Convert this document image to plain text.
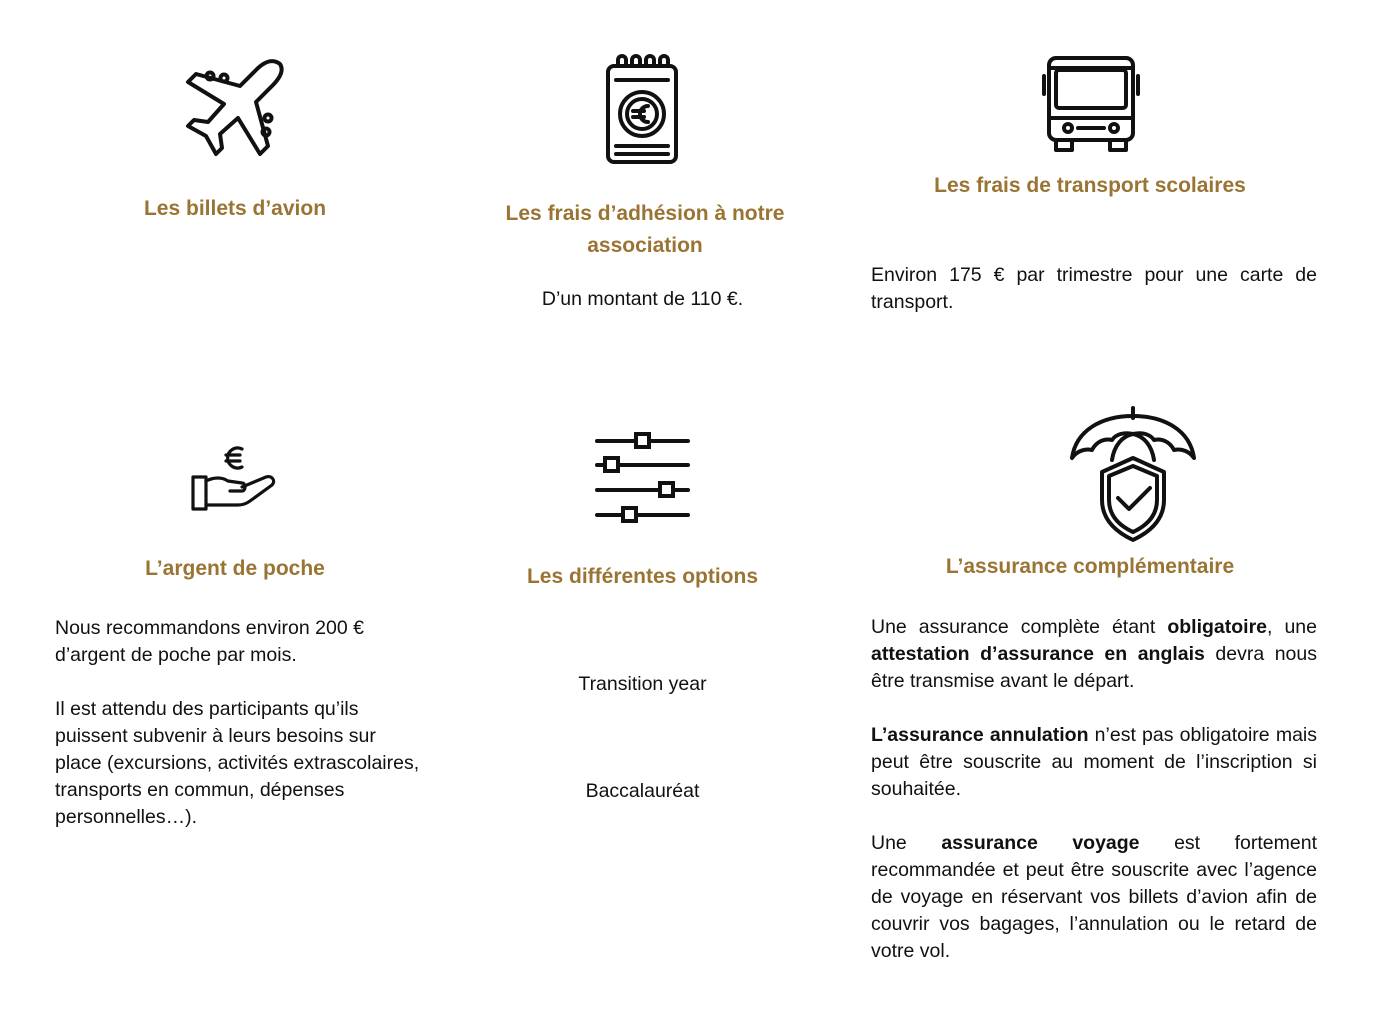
Les billets d’avion	Les frais d’adhésion à notre association
D’un montant de 110 €.
Les frais de transport scolaires
Environ 175 € par trimestre pour une carte de transport.
L’argent de poche
Nous recommandons environ 200 € d’argent de poche par mois.
Il est attendu des participants qu’ils puissent subvenir à leurs besoins sur place (excursions, activités extrascolaires, transports en commun, dépenses personnelles…).
Les différentes options
Transition year
Baccalauréat
L’assurance complémentaire
Une assurance complète étant obligatoire, une attestation d’assurance en anglais devra nous être transmise avant le départ.
L’assurance annulation n’est pas obligatoire mais peut être souscrite au moment de l’inscription si souhaitée.
Une assurance voyage est fortement recommandée et peut être souscrite avec l’agence de voyage en réservant vos billets d’avion afin de couvrir vos bagages, l’annulation ou le retard de votre vol.
